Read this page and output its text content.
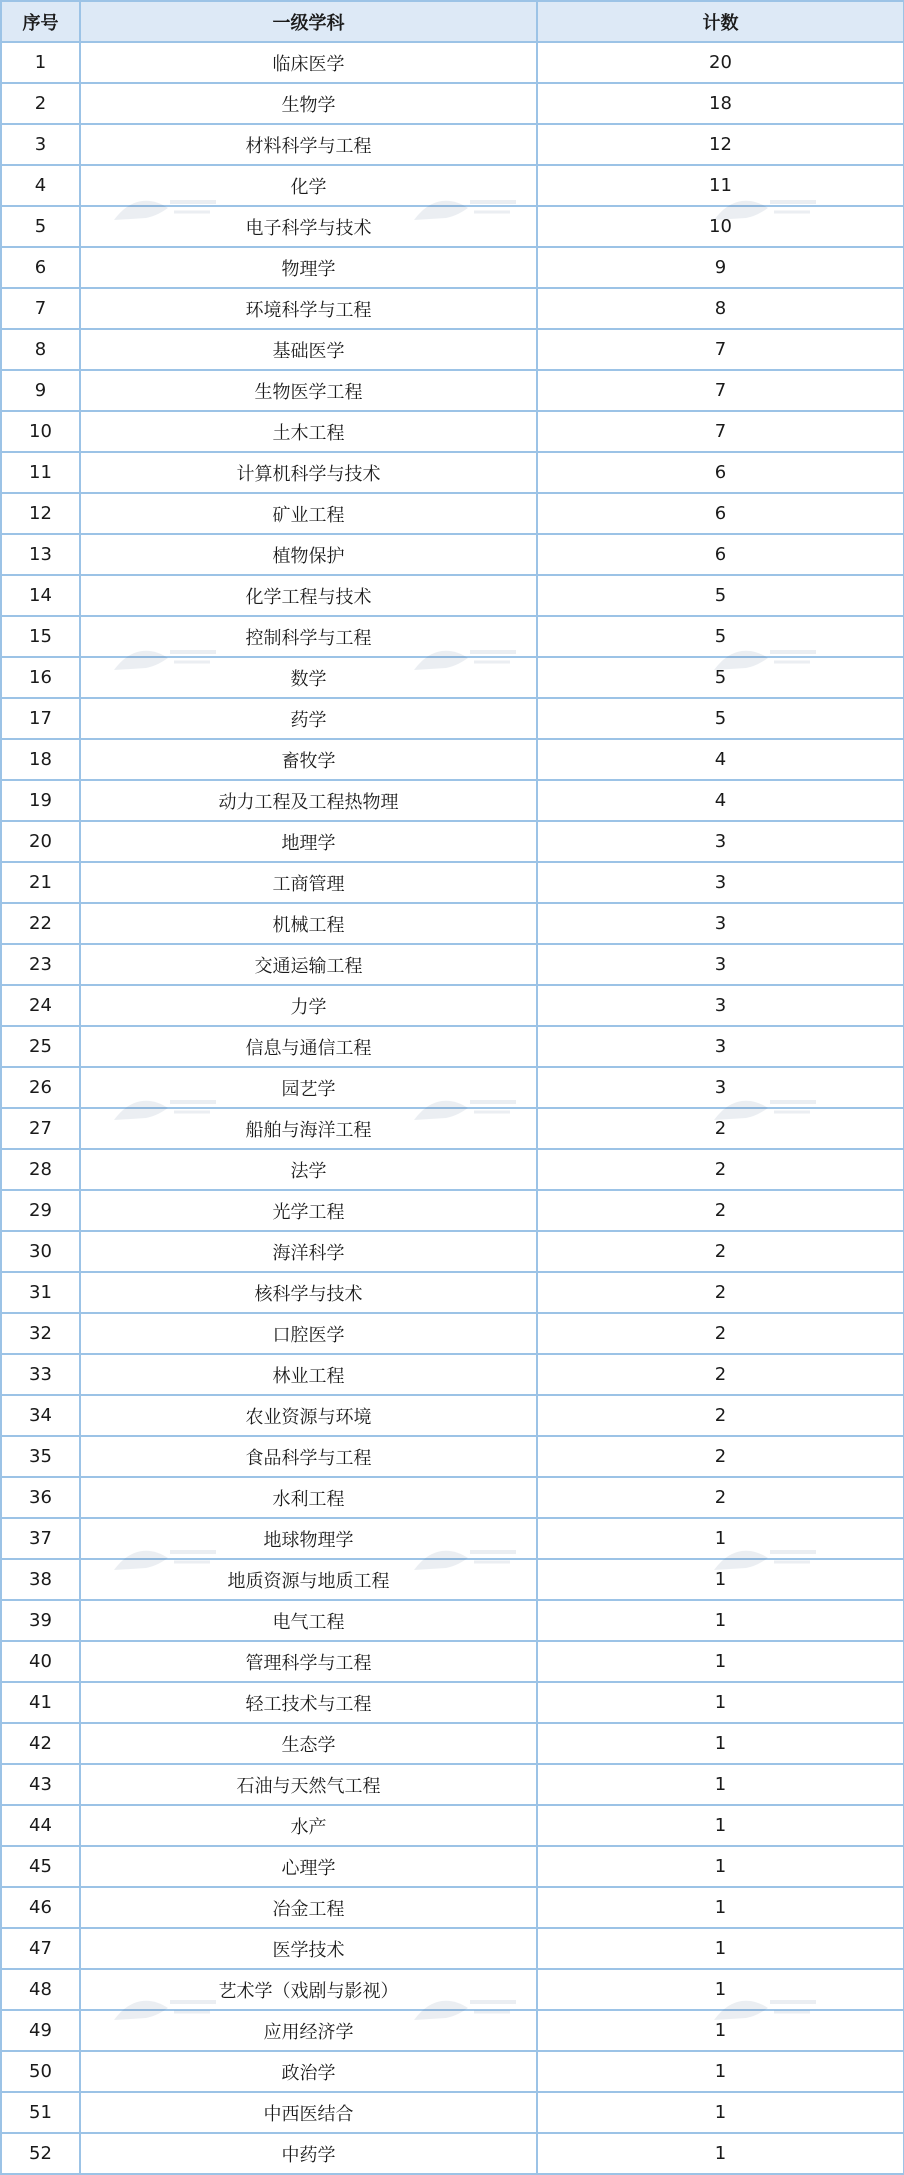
序号	一级学科	计数
1	临床医学	20
2	生物学	18
3	材料科学与工程	12
4	化学	11
5	电子科学与技术	10
6	物理学	9
7	环境科学与工程	8
8	基础医学	7
9	生物医学工程	7
10	土木工程	7
11	计算机科学与技术	6
12	矿业工程	6
13	植物保护	6
14	化学工程与技术	5
15	控制科学与工程	5
16	数学	5
17	药学	5
18	畜牧学	4
19	动力工程及工程热物理	4
20	地理学	3
21	工商管理	3
22	机械工程	3
23	交通运输工程	3
24	力学	3
25	信息与通信工程	3
26	园艺学	3
27	船舶与海洋工程	2
28	法学	2
29	光学工程	2
30	海洋科学	2
31	核科学与技术	2
32	口腔医学	2
33	林业工程	2
34	农业资源与环境	2
35	食品科学与工程	2
36	水利工程	2
37	地球物理学	1
38	地质资源与地质工程	1
39	电气工程	1
40	管理科学与工程	1
41	轻工技术与工程	1
42	生态学	1
43	石油与天然气工程	1
44	水产	1
45	心理学	1
46	冶金工程	1
47	医学技术	1
48	艺术学（戏剧与影视）	1
49	应用经济学	1
50	政治学	1
51	中西医结合	1
52	中药学	1
